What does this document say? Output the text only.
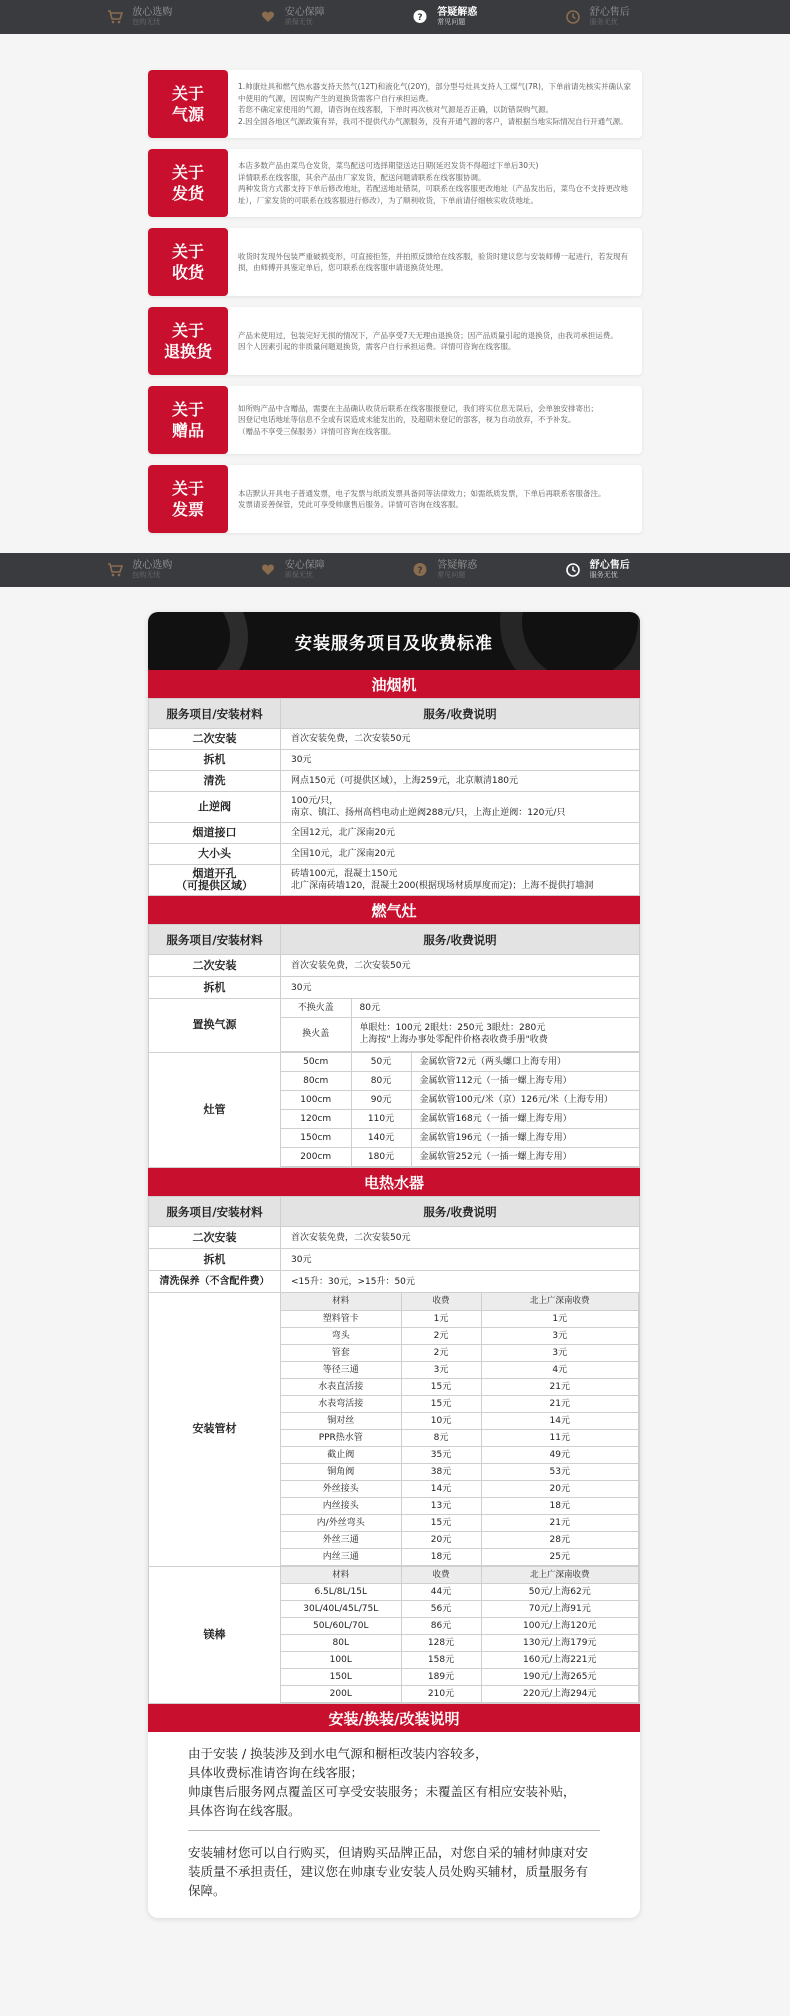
放心选购
包购无忧
安心保障
质保无忧	? 答疑解惑
常见问题
舒心售后
服务无忧
关于
气源
1.帅康灶具和燃气热水器支持天然气(12T)和液化气(20Y)，部分型号灶具支持人工煤气(7R)，下单前请先核实并确认家中使用的气源，因误购产生的退换货需客户自行承担运费。
若您不确定家使用的气源，请咨询在线客服，下单时再次核对气源是否正确，以防错误购气源。
2.因全国各地区气源政策有异，我司不提供代办气源服务，没有开通气源的客户，请根据当地实际情况自行开通气源。
关于
发货
本店多数产品由菜鸟仓发货，菜鸟配送可选择期望送达日期(延迟发货不得超过下单后30天)
详情联系在线客服，其余产品由厂家发货，配送问题请联系在线客服协调。
两种发货方式都支持下单后修改地址，若配送地址错误，可联系在线客服更改地址（产品发出后，菜鸟仓不支持更改地址），厂家发货的可联系在线客服进行修改），为了顺利收货，下单前请仔细核实收货地址。
关于
收货
收货时发现外包装严重破损变形，可直接拒签，并拍照反馈给在线客服，验货时建议您与安装师傅一起进行，若发现有损，由师傅开具鉴定单后，您可联系在线客服申请退换货处理。
关于
退换货
产品未使用过，包装完好无损的情况下，产品享受7天无理由退换货；因产品质量引起的退换货，由我司承担运费。
因个人因素引起的非质量问题退换货，需客户自行承担运费。详情可咨询在线客服。
关于
赠品
如所购产品中含赠品，需要在主品确认收货后联系在线客服报登记，我们将实位息无误后，会单独安排寄出；
因登记电话地址等信息不全或有误造成未能发出的，及超期未登记的部客，视为自动放弃，不予补发。
（赠品不享受三保服务）详情可咨询在线客服。
关于
发票
本店默认开具电子普通发票，电子发票与纸质发票具备同等法律效力；如需纸质发票，下单后再联系客服备注。
发票请妥善保管，凭此可享受帅康售后服务。详情可咨询在线客服。
放心选购
包购无忧
安心保障
质保无忧	? 答疑解惑
常见问题
舒心售后
服务无忧
安装服务项目及收费标准
油烟机
服务项目/安装材料	服务/收费说明
二次安装	首次安装免费，二次安装50元
拆机	30元
清洗	网点150元（可提供区域），上海259元，北京顺清180元
止逆阀	100元/只，
南京、镇江、扬州高档电动止逆阀288元/只，上海止逆阀：120元/只
烟道接口	全国12元，北广深南20元
大小头	全国10元，北广深南20元
烟道开孔
（可提供区域）	砖墙100元，混凝土150元
北广深南砖墙120，混凝土200(根据现场材质厚度而定)；上海不提供打墙洞
燃气灶
服务项目/安装材料	服务/收费说明
二次安装	首次安装免费，二次安装50元
拆机	30元
置换气源	
不换火盖	80元
换火盖	单眼灶：100元 2眼灶：250元 3眼灶：280元
上海按"上海办事处零配件价格表收费手册"收费

灶管	
50cm	50元	金属软管72元（两头螺口上海专用）
80cm	80元	金属软管112元（一插一螺上海专用）
100cm	90元	金属软管100元/米（京）126元/米（上海专用）
120cm	110元	金属软管168元（一插一螺上海专用）
150cm	140元	金属软管196元（一插一螺上海专用）
200cm	180元	金属软管252元（一插一螺上海专用）
电热水器
服务项目/安装材料	服务/收费说明
二次安装	首次安装免费，二次安装50元
拆机	30元
清洗保养（不含配件费）	<15升：30元，>15升：50元
安装管材	
材料	收费	北上广深南收费
塑料管卡	1元	1元
弯头	2元	3元
管套	2元	3元
等径三通	3元	4元
水表直活接	15元	21元
水表弯活接	15元	21元
铜对丝	10元	14元
PPR热水管	8元	11元
截止阀	35元	49元
铜角阀	38元	53元
外丝接头	14元	20元
内丝接头	13元	18元
内/外丝弯头	15元	21元
外丝三通	20元	28元
内丝三通	18元	25元

镁棒	
材料	收费	北上广深南收费
6.5L/8L/15L	44元	50元/上海62元
30L/40L/45L/75L	56元	70元/上海91元
50L/60L/70L	86元	100元/上海120元
80L	128元	130元/上海179元
100L	158元	160元/上海221元
150L	189元	190元/上海265元
200L	210元	220元/上海294元
安装/换装/改装说明
由于安装 / 换装涉及到水电气源和橱柜改装内容较多，
具体收费标准请咨询在线客服；
帅康售后服务网点覆盖区可享受安装服务；未覆盖区有相应安装补贴，
具体咨询在线客服。
安装辅材您可以自行购买，但请购买品牌正品，对您自采的辅材帅康对安装质量不承担责任，建议您在帅康专业安装人员处购买辅材，质量服务有保障。
